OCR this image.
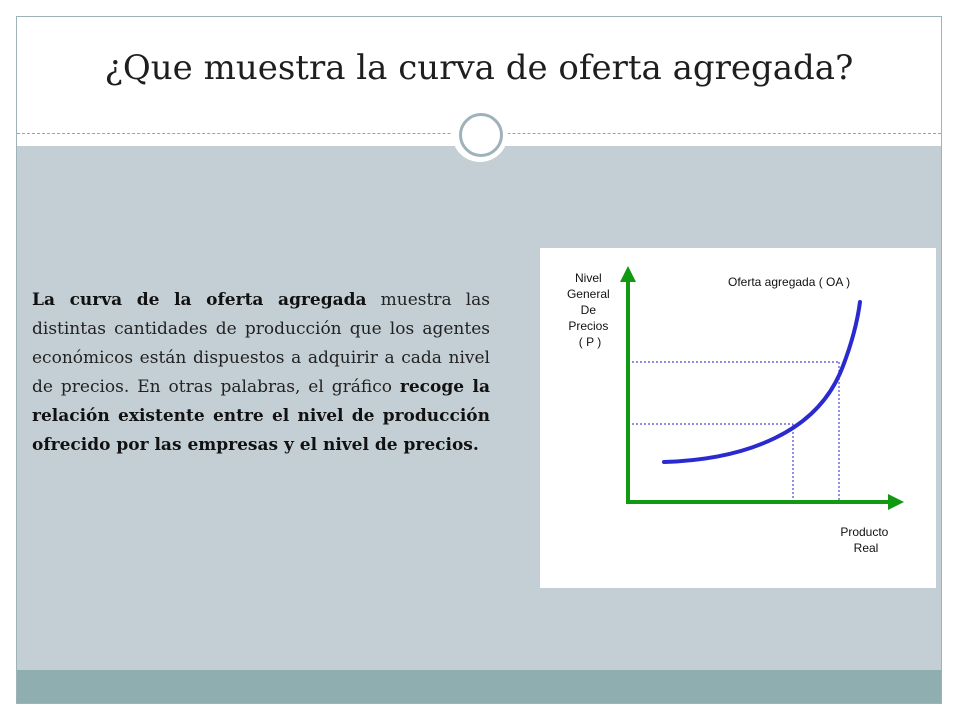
¿Que muestra la curva de oferta agregada?
La curva de la oferta agregada muestra las distintas cantidades de producción que los agentes económicos están dispuestos a adquirir a cada nivel de precios. En otras palabras, el gráfico recoge la relación existente entre el nivel de producción ofrecido por las empresas y el nivel de precios.
Nivel General De Precios ( P )
Oferta agregada ( OA )
Producto Real
